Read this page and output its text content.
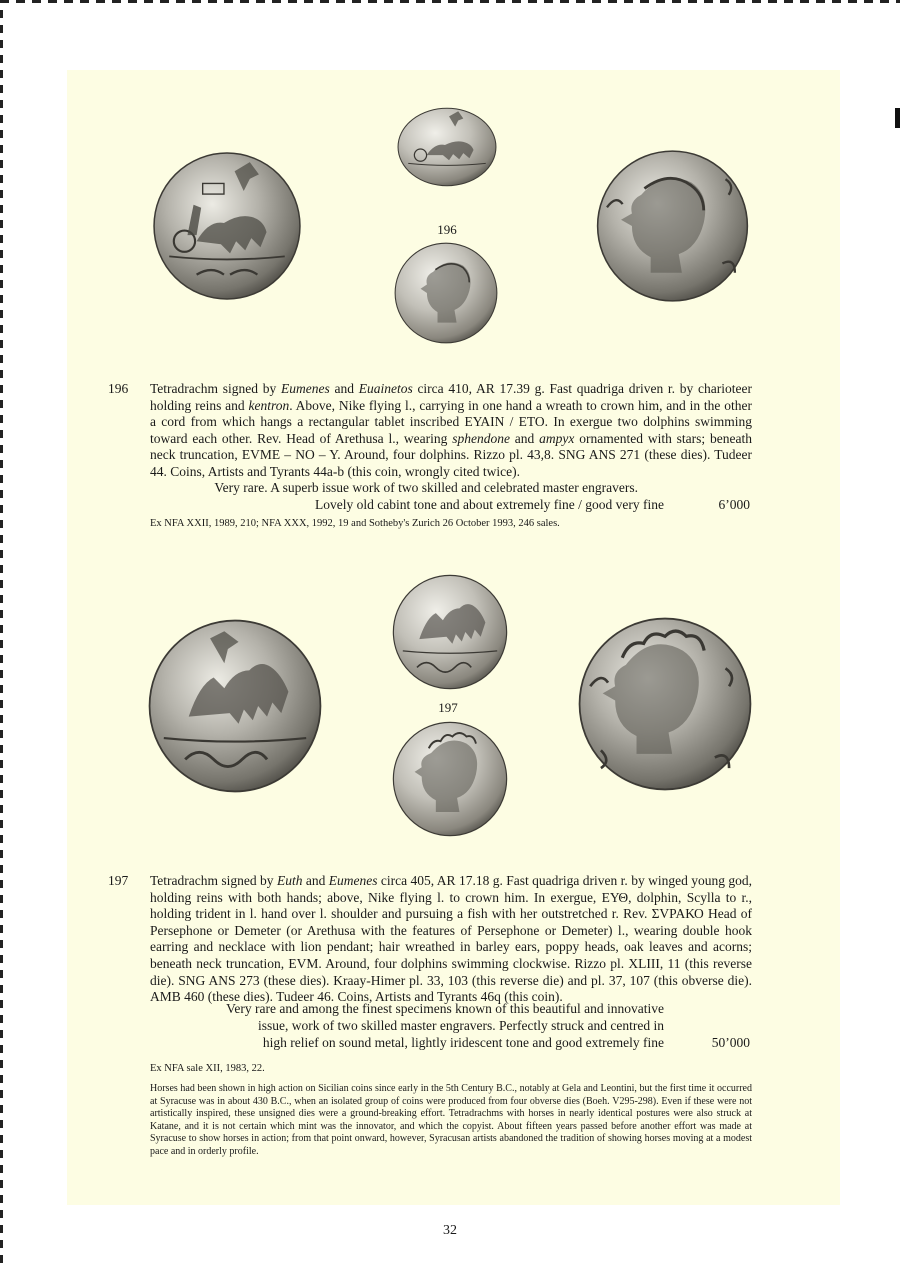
196
196 Tetradrachm signed by Eumenes and Euainetos circa 410, AR 17.39 g. Fast quadriga driven r. by charioteer holding reins and kentron. Above, Nike flying l., carrying in one hand a wreath to crown him, and in the other a cord from which hangs a rectangular tablet inscribed ΕΥΑΙΝ / ΕΤΟ. In exergue two dolphins swimming toward each other. Rev. Head of Arethusa l., wearing sphendone and ampyx ornamented with stars; beneath neck truncation, EVME – NO – Y. Around, four dolphins. Rizzo pl. 43,8. SNG ANS 271 (these dies). Tudeer 44. Coins, Artists and Tyrants 44a-b (this coin, wrongly cited twice).
Very rare. A superb issue work of two skilled and celebrated master engravers.
Lovely old cabint tone and about extremely fine / good very fine	6’000
Ex NFA XXII, 1989, 210; NFA XXX, 1992, 19 and Sotheby's Zurich 26 October 1993, 246 sales.
197
197 Tetradrachm signed by Euth and Eumenes circa 405, AR 17.18 g. Fast quadriga driven r. by winged young god, holding reins with both hands; above, Nike flying l. to crown him. In exergue, ΕΥΘ, dolphin, Scylla to r., holding trident in l. hand over l. shoulder and pursuing a fish with her outstretched r. Rev. ΣVΡΑΚΟ Head of Persephone or Demeter (or Arethusa with the features of Persephone or Demeter) l., wearing double hook earring and necklace with lion pendant; hair wreathed in barley ears, poppy heads, oak leaves and acorns; beneath neck truncation, EVM. Around, four dolphins swimming clockwise. Rizzo pl. XLIII, 11 (this reverse die). SNG ANS 273 (these dies). Kraay-Himer pl. 33, 103 (this reverse die) and pl. 37, 107 (this obverse die). AMB 460 (these dies). Tudeer 46. Coins, Artists and Tyrants 46q (this coin).
Very rare and among the finest specimens known of this beautiful and innovative
issue, work of two skilled master engravers. Perfectly struck and centred in
high relief on sound metal, lightly iridescent tone and good extremely fine	50’000
Ex NFA sale XII, 1983, 22.
Horses had been shown in high action on Sicilian coins since early in the 5th Century B.C., notably at Gela and Leontini, but the first time it occurred at Syracuse was in about 430 B.C., when an isolated group of coins were produced from four obverse dies (Boeh. V295-298). Even if these were not artistically inspired, these unsigned dies were a ground-breaking effort. Tetradrachms with horses in nearly identical postures were also struck at Katane, and it is not certain which mint was the innovator, and which the copyist. About fifteen years passed before another effort was made at Syracuse to show horses in action; from that point onward, however, Syracusan artists abandoned the tradition of showing horses moving at a modest pace and in orderly profile.
32
